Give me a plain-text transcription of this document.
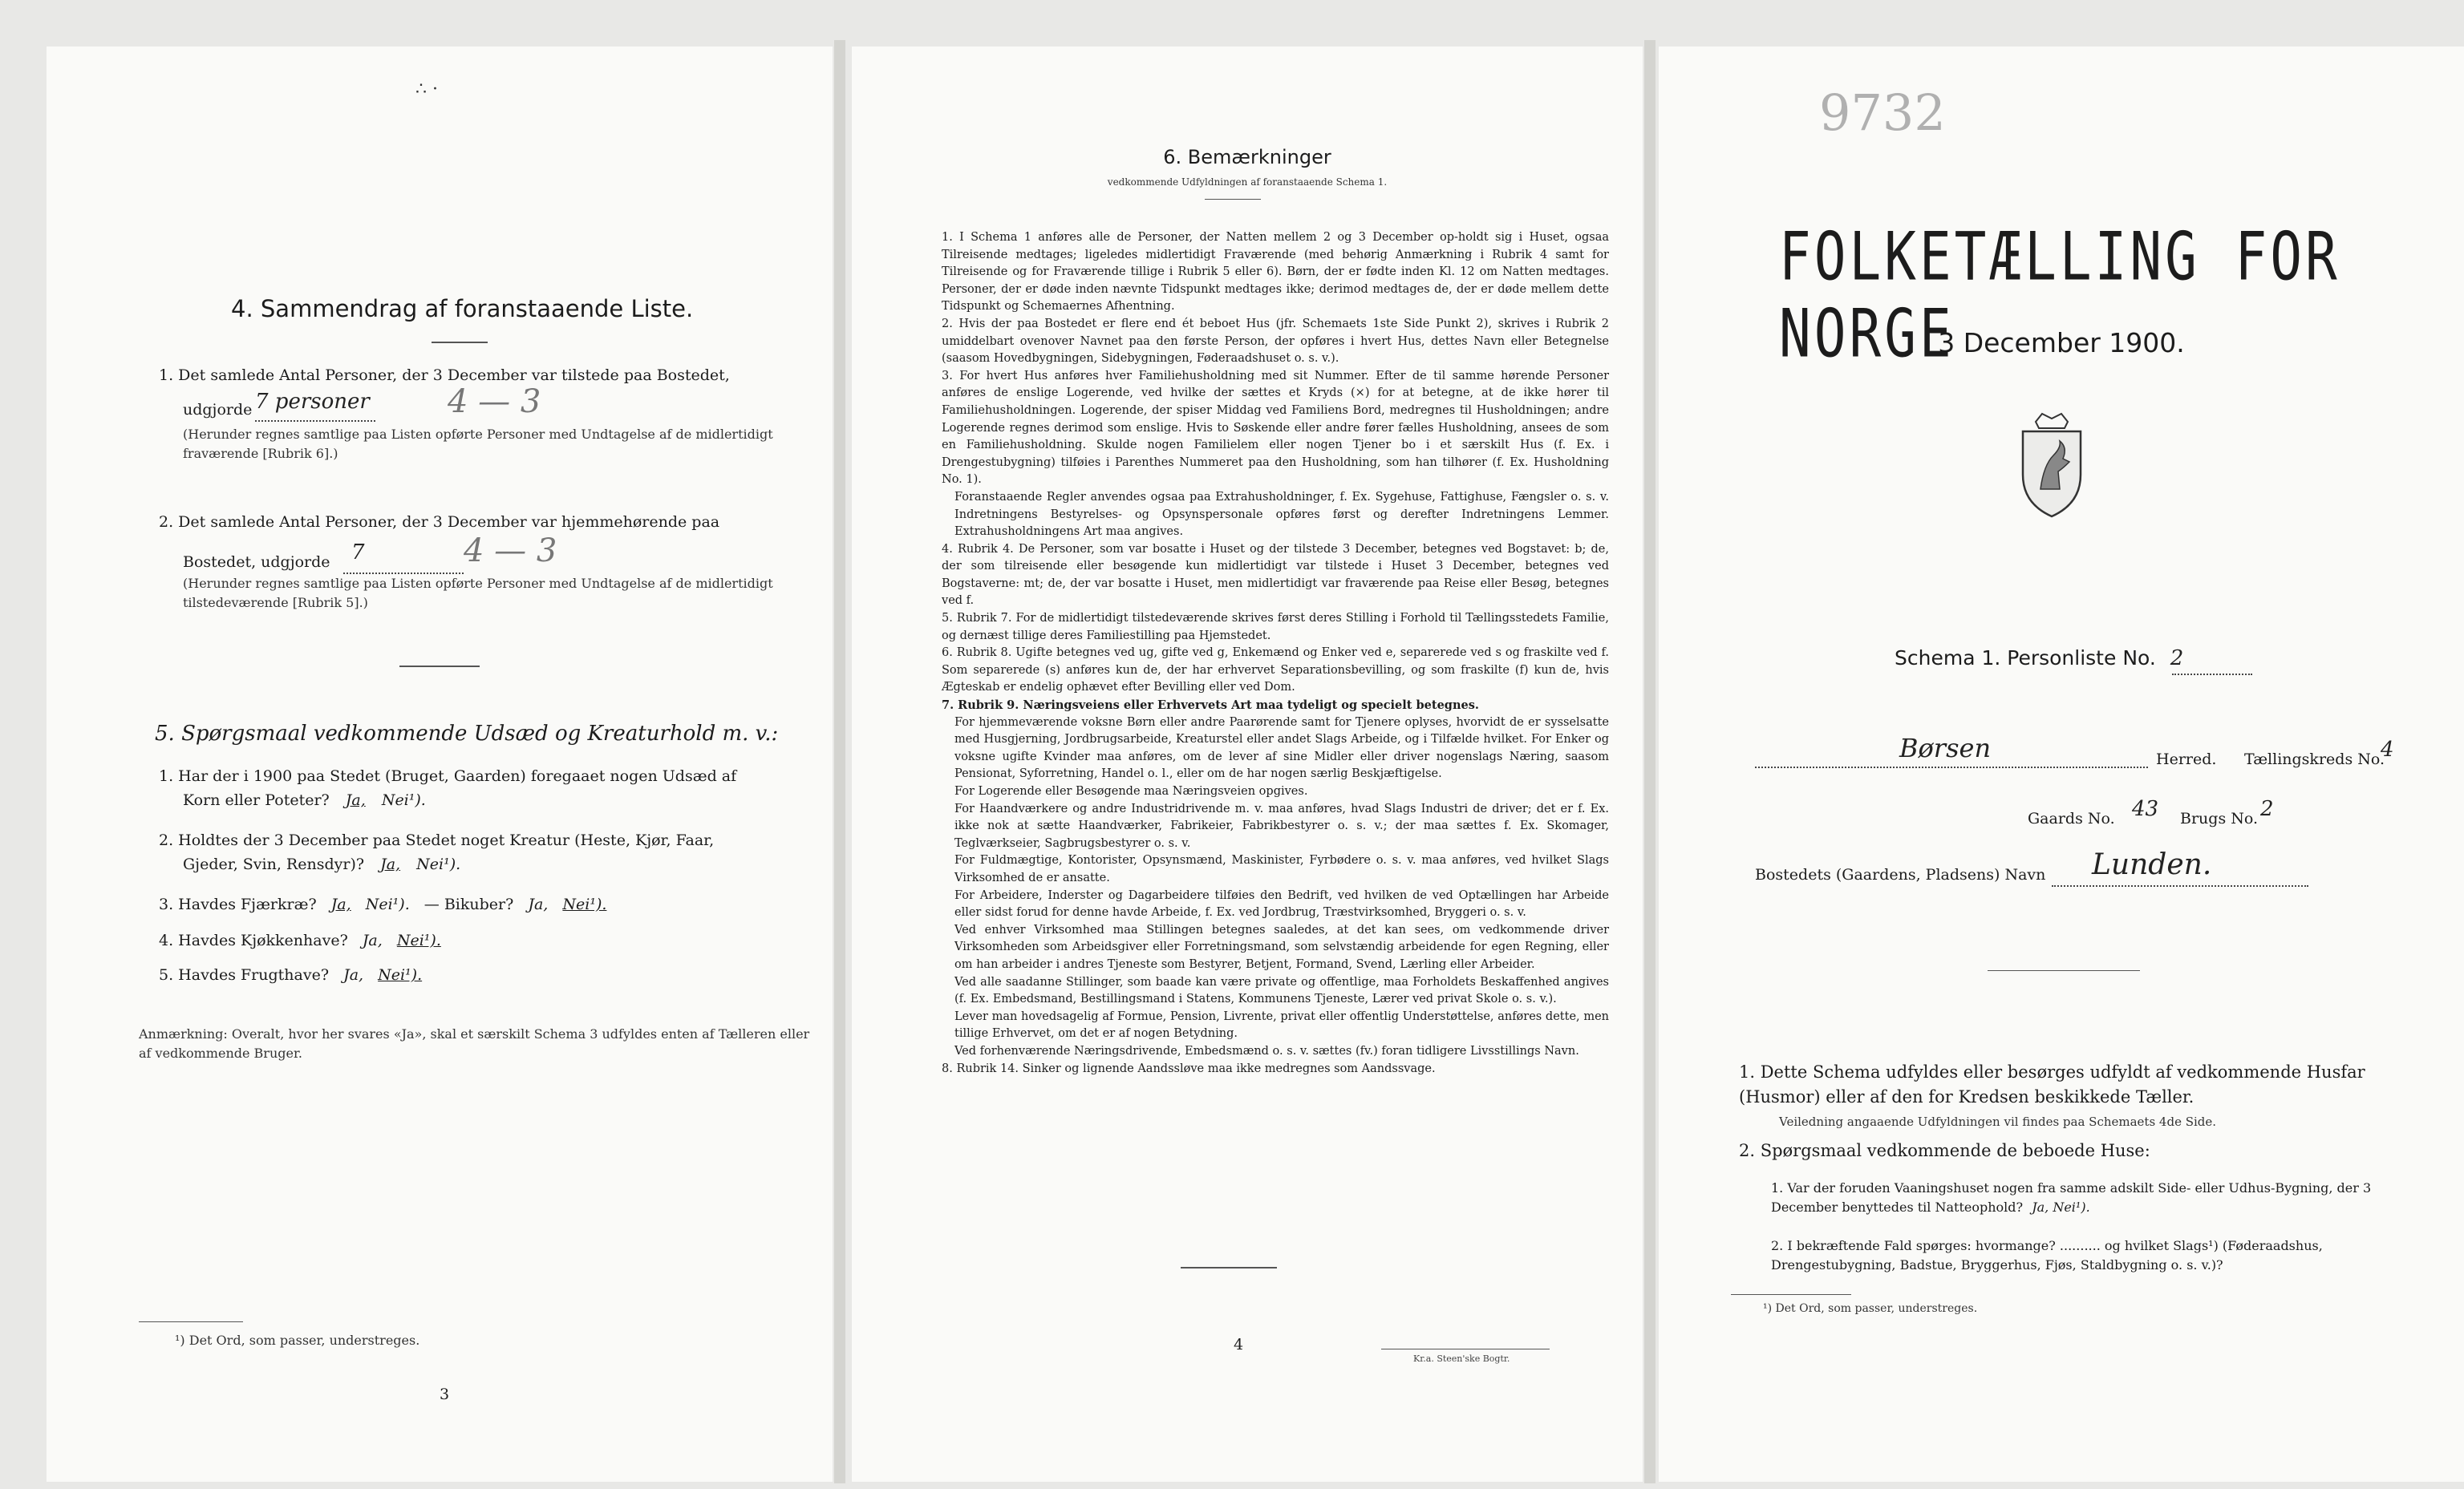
∴ ·
4. Sammendrag af foranstaaende Liste.
1. Det samlede Antal Personer, der 3 December var tilstede paa Bostedet,
udgjorde 7 personer 4 — 3
(Herunder regnes samtlige paa Listen opførte Personer med Undtagelse af de midlertidigt fraværende [Rubrik 6].)
2. Det samlede Antal Personer, der 3 December var hjemmehørende paa
Bostedet, udgjorde 7	4 — 3
(Herunder regnes samtlige paa Listen opførte Personer med Undtagelse af de midlertidigt tilstedeværende [Rubrik 5].)
5. Spørgsmaal vedkommende Udsæd og Kreaturhold m. v.:
1. Har der i 1900 paa Stedet (Bruget, Gaarden) foregaaet nogen Udsæd af
Korn eller Poteter? Ja, Nei¹).
2. Holdtes der 3 December paa Stedet noget Kreatur (Heste, Kjør, Faar,
Gjeder, Svin, Rensdyr)? Ja, Nei¹).
3. Havdes Fjærkræ? Ja, Nei¹). — Bikuber? Ja, Nei¹).
4. Havdes Kjøkkenhave? Ja, Nei¹).
5. Havdes Frugthave? Ja, Nei¹).
Anmærkning: Overalt, hvor her svares «Ja», skal et særskilt Schema 3 udfyldes enten af Tælleren eller af vedkommende Bruger.
¹) Det Ord, som passer, understreges.
3
6. Bemærkninger
vedkommende Udfyldningen af foranstaaende Schema 1.
1. I Schema 1 anføres alle de Personer, der Natten mellem 2 og 3 December op-holdt sig i Huset, ogsaa Tilreisende medtages; ligeledes midlertidigt Fraværende (med behørig Anmærkning i Rubrik 4 samt for Tilreisende og for Fraværende tillige i Rubrik 5 eller 6). Børn, der er fødte inden Kl. 12 om Natten medtages. Personer, der er døde inden nævnte Tidspunkt medtages ikke; derimod medtages de, der er døde mellem dette Tidspunkt og Schemaernes Afhentning.
2. Hvis der paa Bostedet er flere end ét beboet Hus (jfr. Schemaets 1ste Side Punkt 2), skrives i Rubrik 2 umiddelbart ovenover Navnet paa den første Person, der opføres i hvert Hus, dettes Navn eller Betegnelse (saasom Hovedbygningen, Sidebygningen, Føderaadshuset o. s. v.).
3. For hvert Hus anføres hver Familiehusholdning med sit Nummer. Efter de til samme hørende Personer anføres de enslige Logerende, ved hvilke der sættes et Kryds (×) for at betegne, at de ikke hører til Familiehusholdningen. Logerende, der spiser Middag ved Familiens Bord, medregnes til Husholdningen; andre Logerende regnes derimod som enslige. Hvis to Søskende eller andre fører fælles Husholdning, ansees de som en Familiehusholdning. Skulde nogen Familielem eller nogen Tjener bo i et særskilt Hus (f. Ex. i Drengestubygning) tilføies i Parenthes Nummeret paa den Husholdning, som han tilhører (f. Ex. Husholdning No. 1).
Foranstaaende Regler anvendes ogsaa paa Extrahusholdninger, f. Ex. Sygehuse, Fattighuse, Fængsler o. s. v. Indretningens Bestyrelses- og Opsynspersonale opføres først og derefter Indretningens Lemmer. Extrahusholdningens Art maa angives.
4. Rubrik 4. De Personer, som var bosatte i Huset og der tilstede 3 December, betegnes ved Bogstavet: b; de, der som tilreisende eller besøgende kun midlertidigt var tilstede i Huset 3 December, betegnes ved Bogstaverne: mt; de, der var bosatte i Huset, men midlertidigt var fraværende paa Reise eller Besøg, betegnes ved f.
5. Rubrik 7. For de midlertidigt tilstedeværende skrives først deres Stilling i Forhold til Tællingsstedets Familie, og dernæst tillige deres Familiestilling paa Hjemstedet.
6. Rubrik 8. Ugifte betegnes ved ug, gifte ved g, Enkemænd og Enker ved e, separerede ved s og fraskilte ved f. Som separerede (s) anføres kun de, der har erhvervet Separationsbevilling, og som fraskilte (f) kun de, hvis Ægteskab er endelig ophævet efter Bevilling eller ved Dom.
7. Rubrik 9. Næringsveiens eller Erhvervets Art maa tydeligt og specielt betegnes.
For hjemmeværende voksne Børn eller andre Paarørende samt for Tjenere oplyses, hvorvidt de er sysselsatte med Husgjerning, Jordbrugsarbeide, Kreaturstel eller andet Slags Arbeide, og i Tilfælde hvilket. For Enker og voksne ugifte Kvinder maa anføres, om de lever af sine Midler eller driver nogenslags Næring, saasom Pensionat, Syforretning, Handel o. l., eller om de har nogen særlig Beskjæftigelse.
For Logerende eller Besøgende maa Næringsveien opgives.
For Haandværkere og andre Industridrivende m. v. maa anføres, hvad Slags Industri de driver; det er f. Ex. ikke nok at sætte Haandværker, Fabrikeier, Fabrikbestyrer o. s. v.; der maa sættes f. Ex. Skomager, Teglværkseier, Sagbrugsbestyrer o. s. v.
For Fuldmægtige, Kontorister, Opsynsmænd, Maskinister, Fyrbødere o. s. v. maa anføres, ved hvilket Slags Virksomhed de er ansatte.
For Arbeidere, Inderster og Dagarbeidere tilføies den Bedrift, ved hvilken de ved Optællingen har Arbeide eller sidst forud for denne havde Arbeide, f. Ex. ved Jordbrug, Træstvirksomhed, Bryggeri o. s. v.
Ved enhver Virksomhed maa Stillingen betegnes saaledes, at det kan sees, om vedkommende driver Virksomheden som Arbeidsgiver eller Forretningsmand, som selvstændig arbeidende for egen Regning, eller om han arbeider i andres Tjeneste som Bestyrer, Betjent, Formand, Svend, Lærling eller Arbeider.
Ved alle saadanne Stillinger, som baade kan være private og offentlige, maa Forholdets Beskaffenhed angives (f. Ex. Embedsmand, Bestillingsmand i Statens, Kommunens Tjeneste, Lærer ved privat Skole o. s. v.).
Lever man hovedsagelig af Formue, Pension, Livrente, privat eller offentlig Understøttelse, anføres dette, men tillige Erhvervet, om det er af nogen Betydning.
Ved forhenværende Næringsdrivende, Embedsmænd o. s. v. sættes (fv.) foran tidligere Livsstillings Navn.
8. Rubrik 14. Sinker og lignende Aandssløve maa ikke medregnes som Aandssvage.
4
Kr.a. Steen'ske Bogtr.
9732
FOLKETÆLLING FOR NORGE
3 December 1900.
Schema 1. Personliste No. 2
Børsen	Herred. Tællingskreds No.
4
Gaards No. 43 Brugs No. 2
Bostedets (Gaardens, Pladsens) Navn Lunden.
1. Dette Schema udfyldes eller besørges udfyldt af vedkommende Husfar (Husmor) eller af den for Kredsen beskikkede Tæller.
Veiledning angaaende Udfyldningen vil findes paa Schemaets 4de Side.
2. Spørgsmaal vedkommende de beboede Huse:
1. Var der foruden Vaaningshuset nogen fra samme adskilt Side- eller Udhus-Bygning, der 3 December benyttedes til Natteophold? Ja, Nei¹).
2. I bekræftende Fald spørges: hvormange? .......... og hvilket Slags¹) (Føderaadshus, Drengestubygning, Badstue, Bryggerhus, Fjøs, Staldbygning o. s. v.)?
¹) Det Ord, som passer, understreges.
